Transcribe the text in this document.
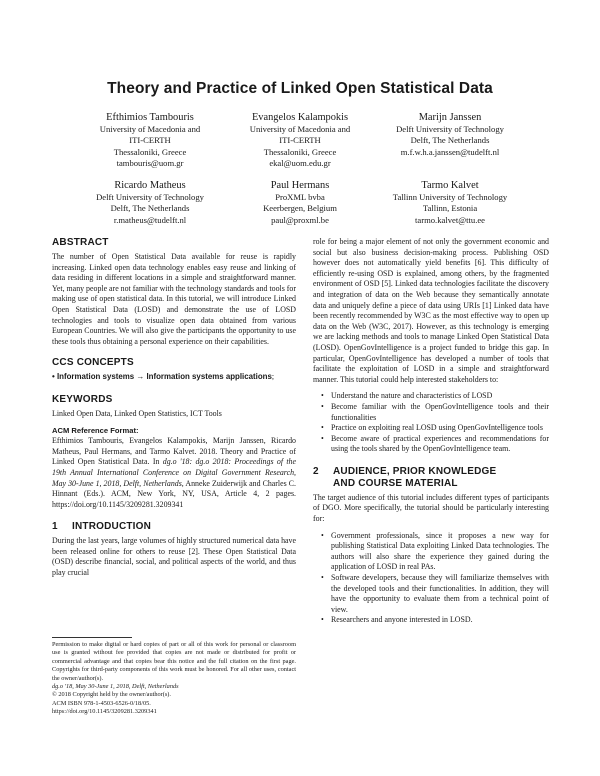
Theory and Practice of Linked Open Statistical Data
Efthimios Tambouris
University of Macedonia and
ITI-CERTH
Thessaloniki, Greece
tambouris@uom.gr
Evangelos Kalampokis
University of Macedonia and
ITI-CERTH
Thessaloniki, Greece
ekal@uom.edu.gr
Marijn Janssen
Delft University of Technology
Delft, The Netherlands
m.f.w.h.a.janssen@tudelft.nl
Ricardo Matheus
Delft University of Technology
Delft, The Netherlands
r.matheus@tudelft.nl
Paul Hermans
ProXML bvba
Keerbergen, Belgium
paul@proxml.be
Tarmo Kalvet
Tallinn University of Technology
Tallinn, Estonia
tarmo.kalvet@ttu.ee
ABSTRACT

The number of Open Statistical Data available for reuse is rapidly increasing. Linked open data technology enables easy reuse and linking of data residing in different locations in a simple and straightforward manner. Yet, many people are not familiar with the technology standards and tools for making use of open statistical data. In this tutorial, we will introduce Linked Open Statistical Data (LOSD) and demonstrate the use of LOSD technologies and tools to visualize open data obtained from various European Countries. We will also give the participants the opportunity to use these tools thus obtaining a personal experience on their capabilities.

CCS CONCEPTS

• Information systems → Information systems applications;

KEYWORDS

Linked Open Data, Linked Open Statistics, ICT Tools

ACM Reference Format:

Efthimios Tambouris, Evangelos Kalampokis, Marijn Janssen, Ricardo Matheus, Paul Hermans, and Tarmo Kalvet. 2018. Theory and Practice of Linked Open Statistical Data. In dg.o '18: dg.o 2018: Proceedings of the 19th Annual International Conference on Digital Government Research, May 30-June 1, 2018, Delft, Netherlands, Anneke Zuiderwijk and Charles C. Hinnant (Eds.). ACM, New York, NY, USA, Article 4, 2 pages. https://doi.org/10.1145/3209281.3209341

1 INTRODUCTION

During the last years, large volumes of highly structured numerical data have been released online for others to reuse [2]. These Open Statistical Data (OSD) describe financial, social, and political aspects of the world, and thus play crucial

Permission to make digital or hard copies of part or all of this work for personal or classroom use is granted without fee provided that copies are not made or distributed for profit or commercial advantage and that copies bear this notice and the full citation on the first page. Copyrights for third-party components of this work must be honored. For all other uses, contact the owner/author(s).

dg.o '18, May 30-June 1, 2018, Delft, Netherlands

© 2018 Copyright held by the owner/author(s).

ACM ISBN 978-1-4503-6526-0/18/05.

https://doi.org/10.1145/3209281.3209341

role for being a major element of not only the government economic and social but also business decision-making process. Publishing OSD however does not automatically yield benefits [6]. This difficulty of efficiently re-using OSD is explained, among others, by the fragmented environment of OSD [5]. Linked data technologies facilitate the discovery and integration of data on the Web because they semantically annotate data and uniquely define a piece of data using URIs [1] Linked data have been recently recommended by W3C as the most effective way to open up data on the Web (W3C, 2017). However, as this technology is emerging we are lacking methods and tools to manage Linked Open Statistical Data (LOSD). OpenGovIntelligence is a project funded to bridge this gap. In particular, OpenGovIntelligence has developed a number of tools that facilitate the exploitation of LOSD in a simple and straightforward manner. This tutorial could help interested stakeholders to:

• Understand the nature and characteristics of LOSD
• Become familiar with the OpenGovIntelligence tools and their functionalities
• Practice on exploiting real LOSD using OpenGovIntelligence tools
• Become aware of practical experiences and recommendations for using the tools shared by the OpenGovIntelligence team.
2 AUDIENCE, PRIOR KNOWLEDGE
AND COURSE MATERIAL

The target audience of this tutorial includes different types of participants of DGO. More specifically, the tutorial should be particularly interesting for:

• Government professionals, since it proposes a new way for publishing Statistical Data exploiting Linked Data technologies. The authors will also share the experience they gained during the application of LOSD in real PAs.
• Software developers, because they will familiarize themselves with the developed tools and their functionalities. In addition, they will have the opportunity to evaluate them from a technical point of view.
• Researchers and anyone interested in LOSD.
